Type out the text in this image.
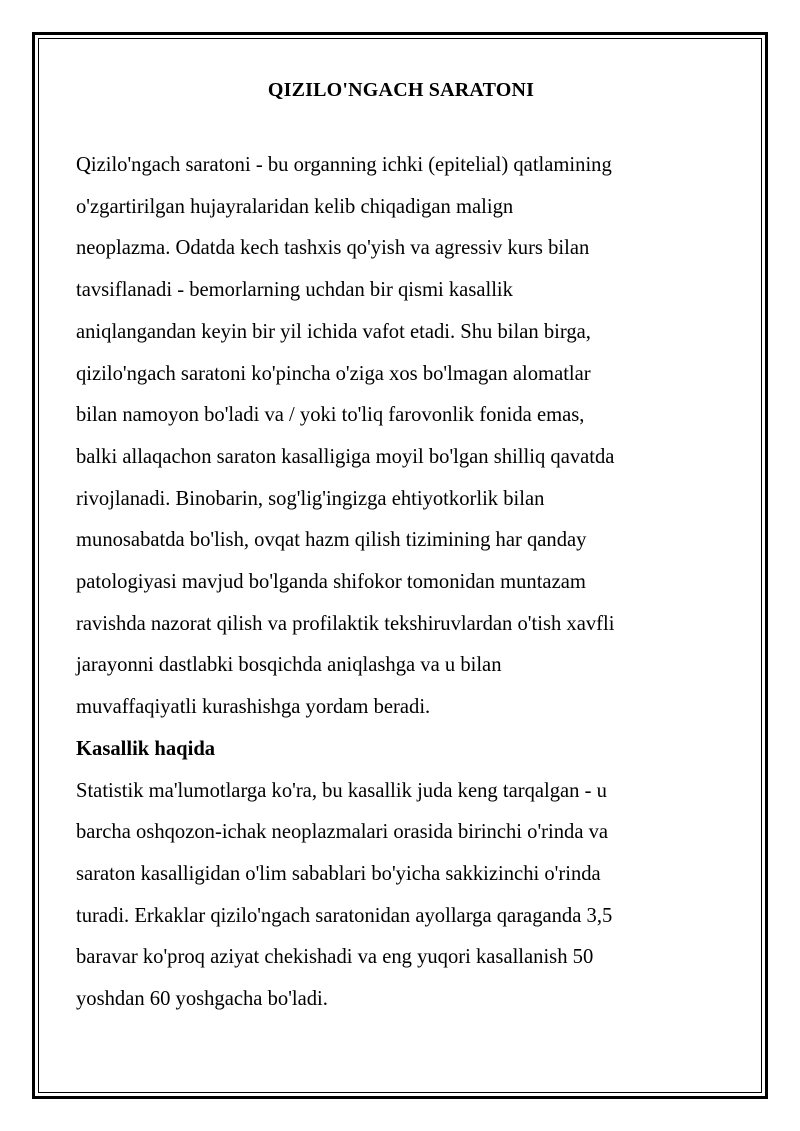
QIZILO'NGACH SARATONI

Qizilo'ngach saratoni - bu organning ichki (epitelial) qatlamining
o'zgartirilgan hujayralaridan kelib chiqadigan malign
neoplazma. Odatda kech tashxis qo'yish va agressiv kurs bilan
tavsiflanadi - bemorlarning uchdan bir qismi kasallik
aniqlangandan keyin bir yil ichida vafot etadi. Shu bilan birga,
qizilo'ngach saratoni ko'pincha o'ziga xos bo'lmagan alomatlar
bilan namoyon bo'ladi va / yoki to'liq farovonlik fonida emas,
balki allaqachon saraton kasalligiga moyil bo'lgan shilliq qavatda
rivojlanadi. Binobarin, sog'lig'ingizga ehtiyotkorlik bilan
munosabatda bo'lish, ovqat hazm qilish tizimining har qanday
patologiyasi mavjud bo'lganda shifokor tomonidan muntazam
ravishda nazorat qilish va profilaktik tekshiruvlardan o'tish xavfli
jarayonni dastlabki bosqichda aniqlashga va u bilan
muvaffaqiyatli kurashishga yordam beradi.

Kasallik haqida

Statistik ma'lumotlarga ko'ra, bu kasallik juda keng tarqalgan - u
barcha oshqozon-ichak neoplazmalari orasida birinchi o'rinda va
saraton kasalligidan o'lim sabablari bo'yicha sakkizinchi o'rinda
turadi. Erkaklar qizilo'ngach saratonidan ayollarga qaraganda 3,5
baravar ko'proq aziyat chekishadi va eng yuqori kasallanish 50
yoshdan 60 yoshgacha bo'ladi.
